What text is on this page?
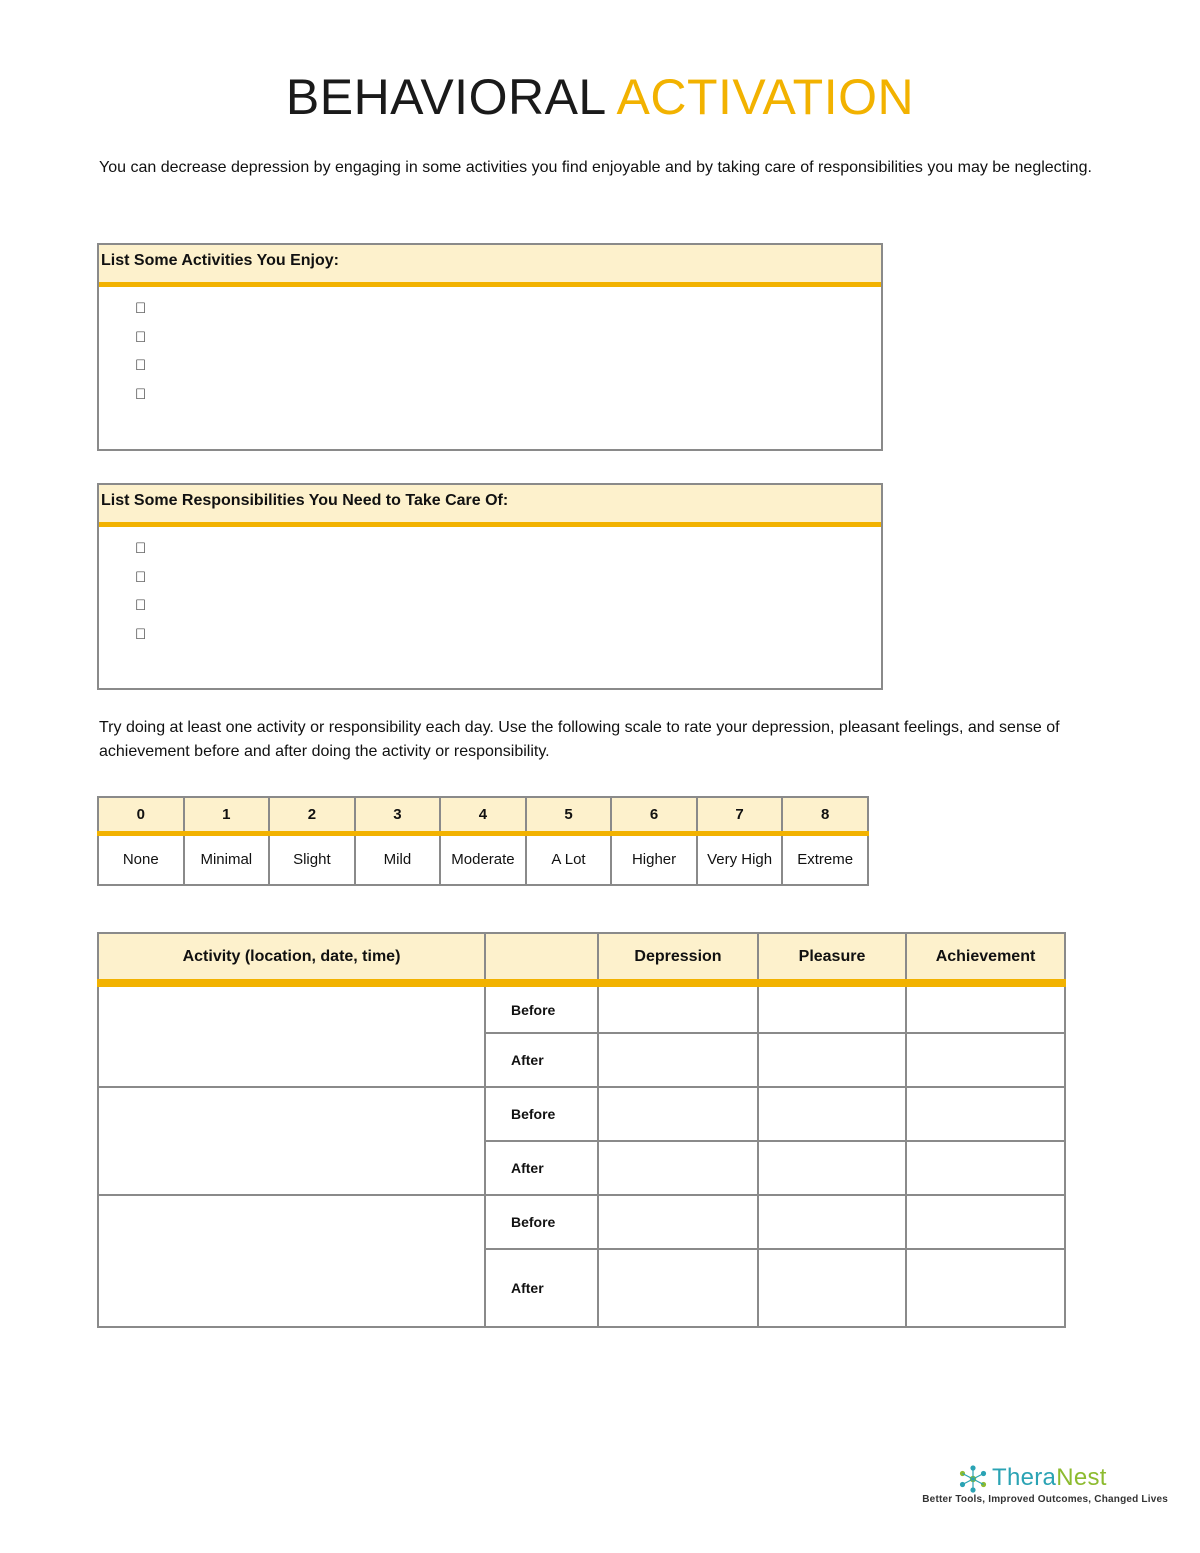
BEHAVIORAL ACTIVATION
You can decrease depression by engaging in some activities you find enjoyable and by taking care of responsibilities you may be neglecting.
List Some Activities You Enjoy:
List Some Responsibilities You Need to Take Care Of:
Try doing at least one activity or responsibility each day. Use the following scale to rate your depression, pleasant feelings, and sense of achievement before and after doing the activity or responsibility.
0	1	2	3	4	5	6	7	8
None	Minimal	Slight	Mild	Moderate	A Lot	Higher	Very High	Extreme
Activity (location, date, time)		Depression	Pleasure	Achievement
	Before			
	After			
	Before			
	After			
	Before			
	After			
TheraNest
Better Tools, Improved Outcomes, Changed Lives
